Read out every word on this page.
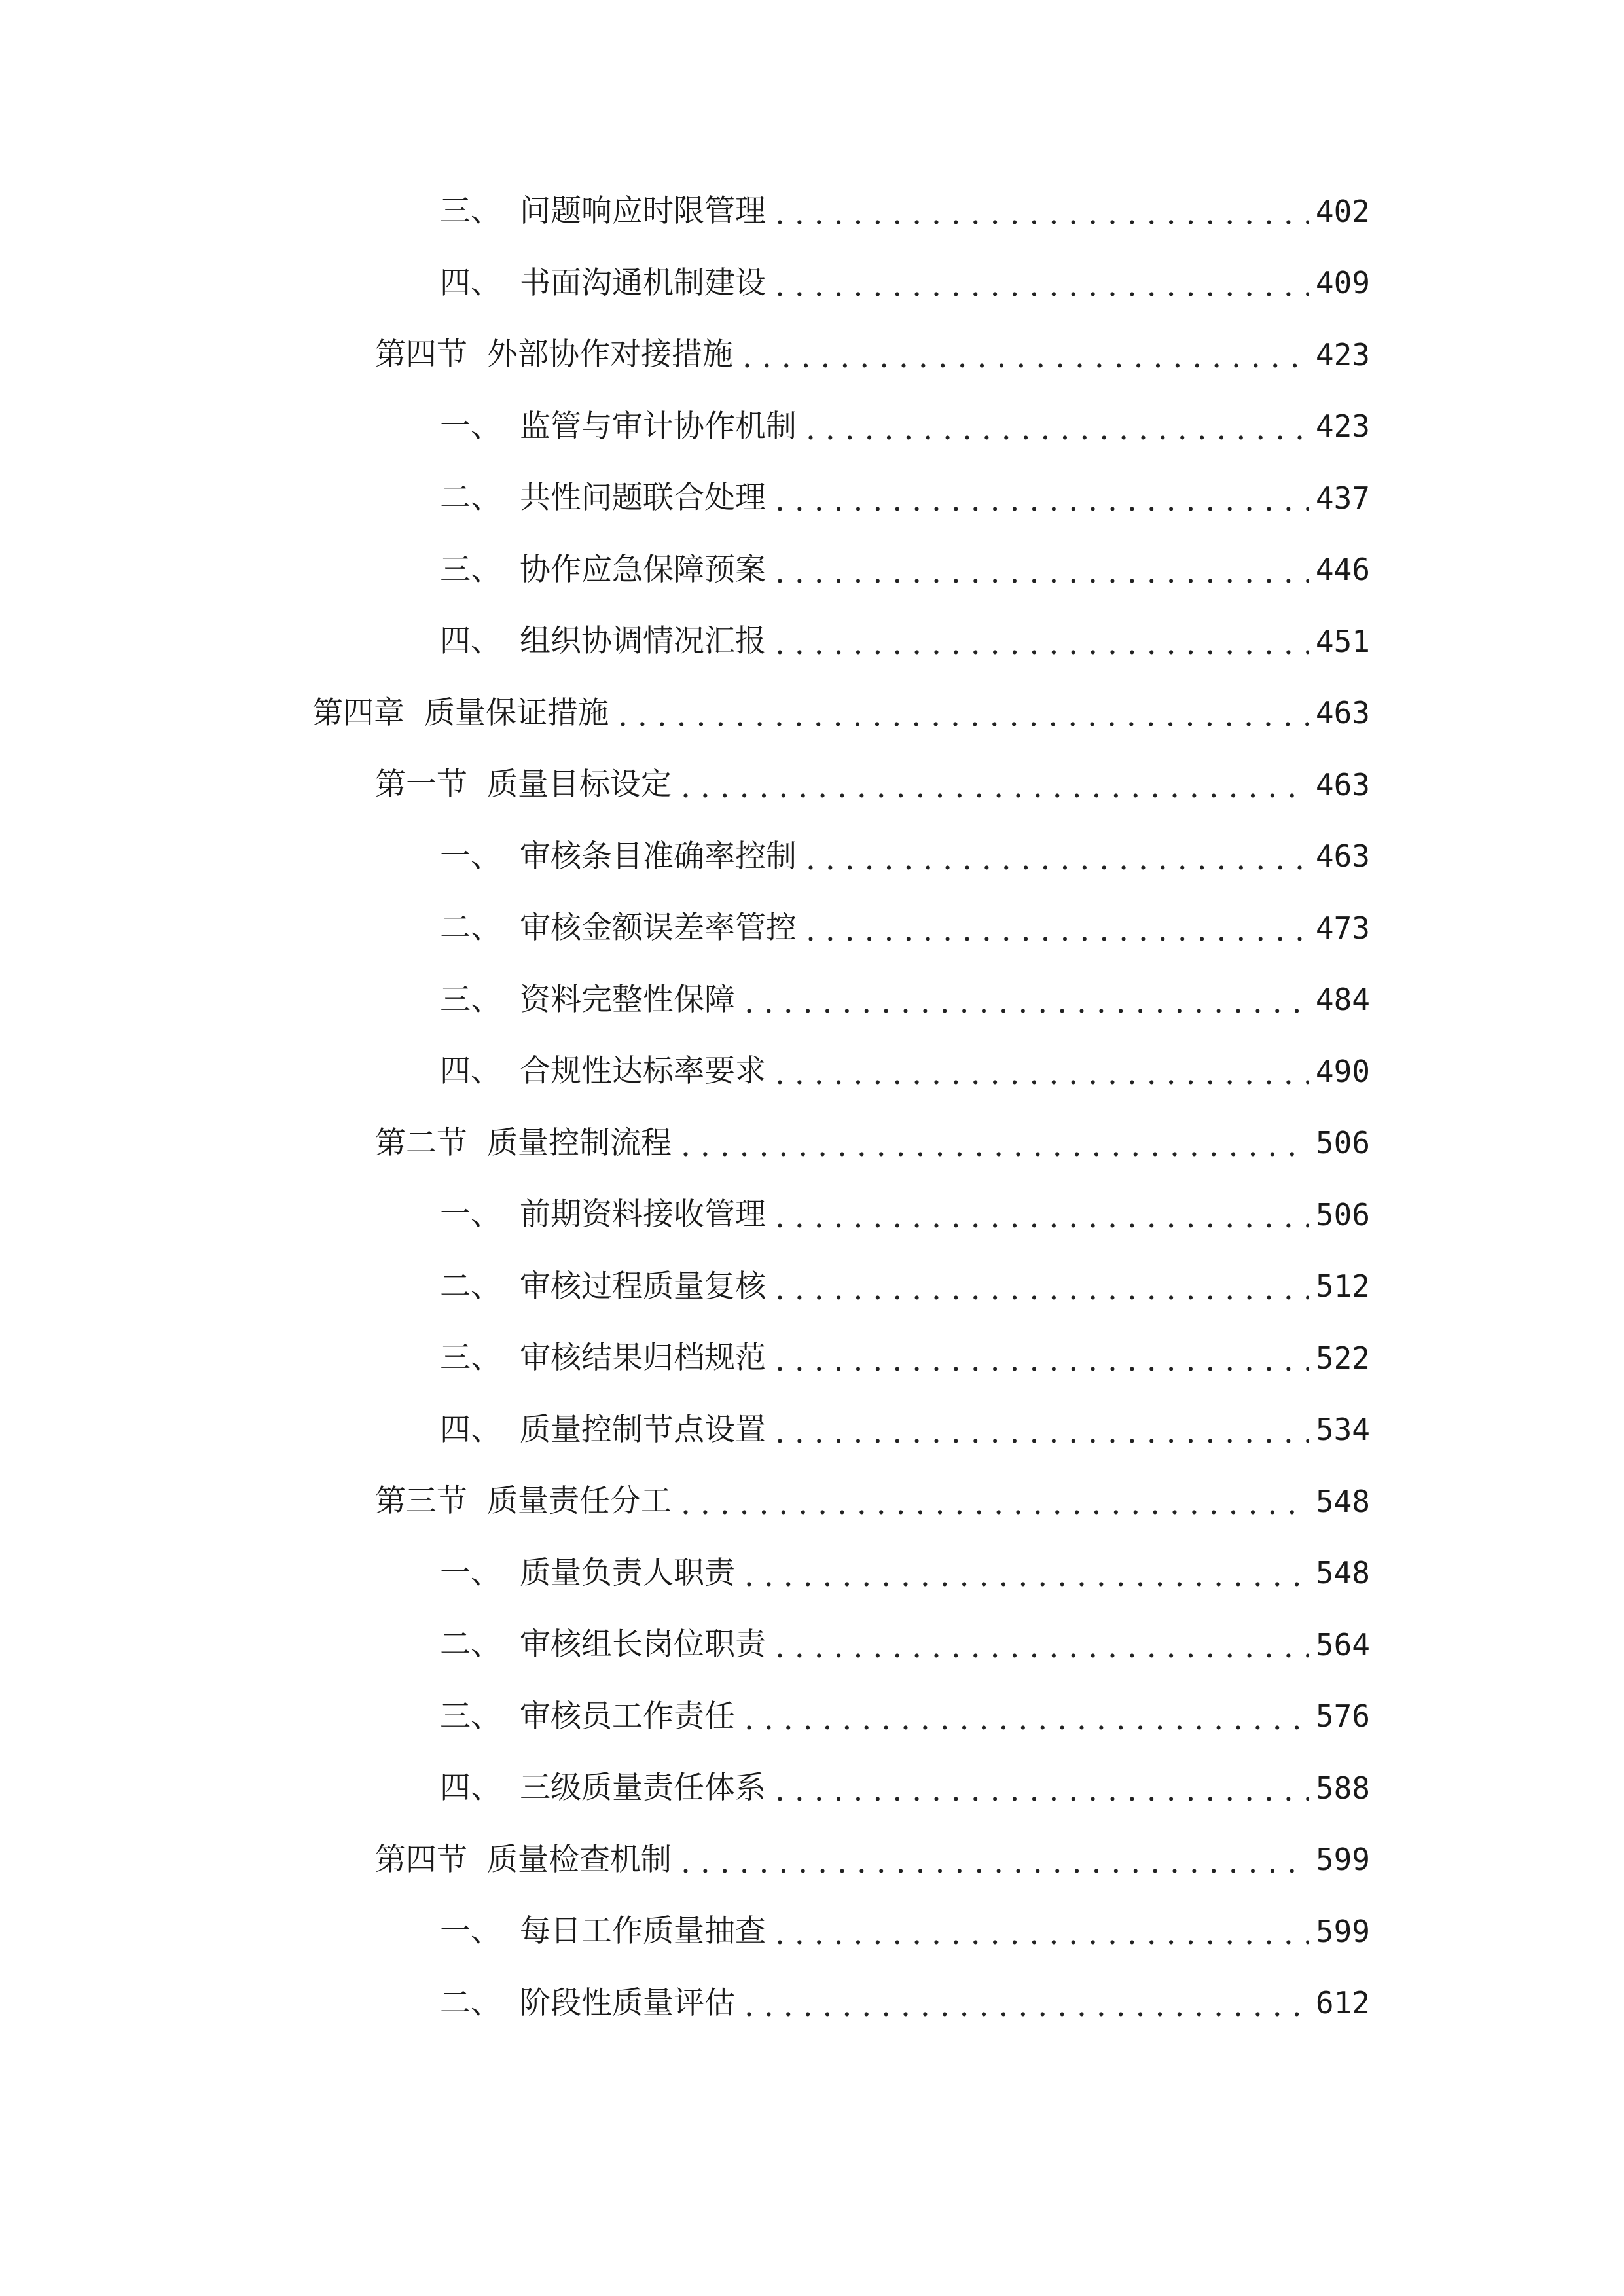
三、 问题响应时限管理 . . .	402
四、 书面沟通机制建设 . . .	409
第四节 外部协作对接措施 . . .	423
一、 监管与审计协作机制 . . .	423
二、 共性问题联合处理 . . .	437
三、 协作应急保障预案 . . .	446
四、 组织协调情况汇报 . . .	451
第四章 质量保证措施 . . .	463
第一节 质量目标设定 . . .	463
一、 审核条目准确率控制 . . .	463
二、 审核金额误差率管控 . . .	473
三、 资料完整性保障 . . .	484
四、 合规性达标率要求 . . .	490
第二节 质量控制流程 . . .	506
一、 前期资料接收管理 . . .	506
二、 审核过程质量复核 . . .	512
三、 审核结果归档规范 . . .	522
四、 质量控制节点设置 . . .	534
第三节 质量责任分工 . . .	548
一、 质量负责人职责 . . .	548
二、 审核组长岗位职责 . . .	564
三、 审核员工作责任 . . .	576
四、 三级质量责任体系 . . .	588
第四节 质量检查机制 . . .	599
一、 每日工作质量抽查 . . .	599
二、 阶段性质量评估 . . .	612
